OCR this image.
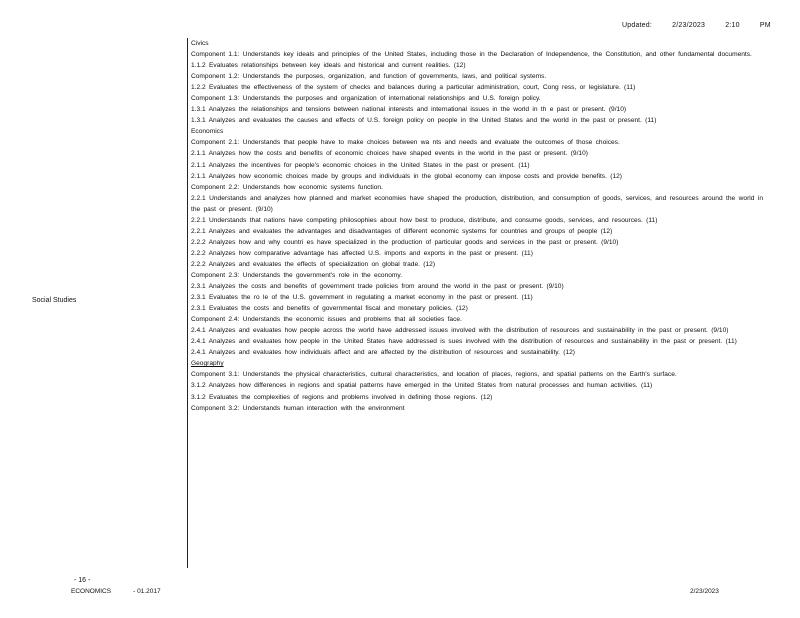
Updated:	2/23/2023	2:10	PM
Social Studies
Civics
Component 1.1: Understands key ideals and principles of the United States, including those in the Declaration of Independence, the Constitution, and other fundamental documents.
1.1.2 Evaluates relationships between key ideals and historical and current realities. (12)
Component 1.2: Understands the purposes, organization, and function of governments, laws, and political systems.
1.2.2 Evaluates the effectiveness of the system of checks and balances during a particular administration, court, Cong ress, or legislature. (11)
Component 1.3: Understands the purposes and organization of international relationships and U.S. foreign policy.
1.3.1 Analyzes the relationships and tensions between national interests and international issues in the world in th e past or present. (9/10)
1.3.1 Analyzes and evaluates the causes and effects of U.S. foreign policy on people in the United States and the world in the past or present. (11)
Economics
Component 2.1: Understands that people have to make choices between wa nts and needs and evaluate the outcomes of those choices.
2.1.1 Analyzes how the costs and benefits of economic choices have shaped events in the world in the past or present. (9/10)
2.1.1 Analyzes the incentives for people's economic choices in the United States in the past or present. (11)
2.1.1 Analyzes how economic choices made by groups and individuals in the global economy can impose costs and provide benefits. (12)
Component 2.2: Understands how economic systems function.
2.2.1 Understands and analyzes how planned and market economies have shaped the production, distribution, and consumption of goods, services, and resources around the world in the past or present. (9/10)
2.2.1 Understands that nations have competing philosophies about how best to produce, distribute, and consume goods, services, and resources. (11)
2.2.1 Analyzes and evaluates the advantages and disadvantages of different economic systems for countries and groups of people (12)
2.2.2 Analyzes how and why countri es have specialized in the production of particular goods and services in the past or present. (9/10)
2.2.2 Analyzes how comparative advantage has affected U.S. imports and exports in the past or present. (11)
2.2.2 Analyzes and evaluates the effects of specialization on global trade. (12)
Component 2.3: Understands the government's role in the economy.
2.3.1 Analyzes the costs and benefits of government trade policies from around the world in the past or present. (9/10)
2.3.1 Evaluates the ro le of the U.S. government in regulating a market economy in the past or present. (11)
2.3.1 Evaluates the costs and benefits of governmental fiscal and monetary policies. (12)
Component 2.4: Understands the economic issues and problems that all societies face.
2.4.1 Analyzes and evaluates how people across the world have addressed issues involved with the distribution of resources and sustainability in the past or present. (9/10)
2.4.1 Analyzes and evaluates how people in the United States have addressed is sues involved with the distribution of resources and sustainability in the past or present. (11)
2.4.1 Analyzes and evaluates how individuals affect and are affected by the distribution of resources and sustainability. (12)
Geography
Component 3.1: Understands the physical characteristics, cultural characteristics, and location of places, regions, and spatial patterns on the Earth's surface.
3.1.2 Analyzes how differences in regions and spatial patterns have emerged in the United States from natural processes and human activities. (11)
3.1.2 Evaluates the complexities of regions and problems involved in defining those regions. (12)
Component 3.2: Understands human interaction with the environment
- 16 -
ECONOMICS	- 01.2017	2/23/2023
